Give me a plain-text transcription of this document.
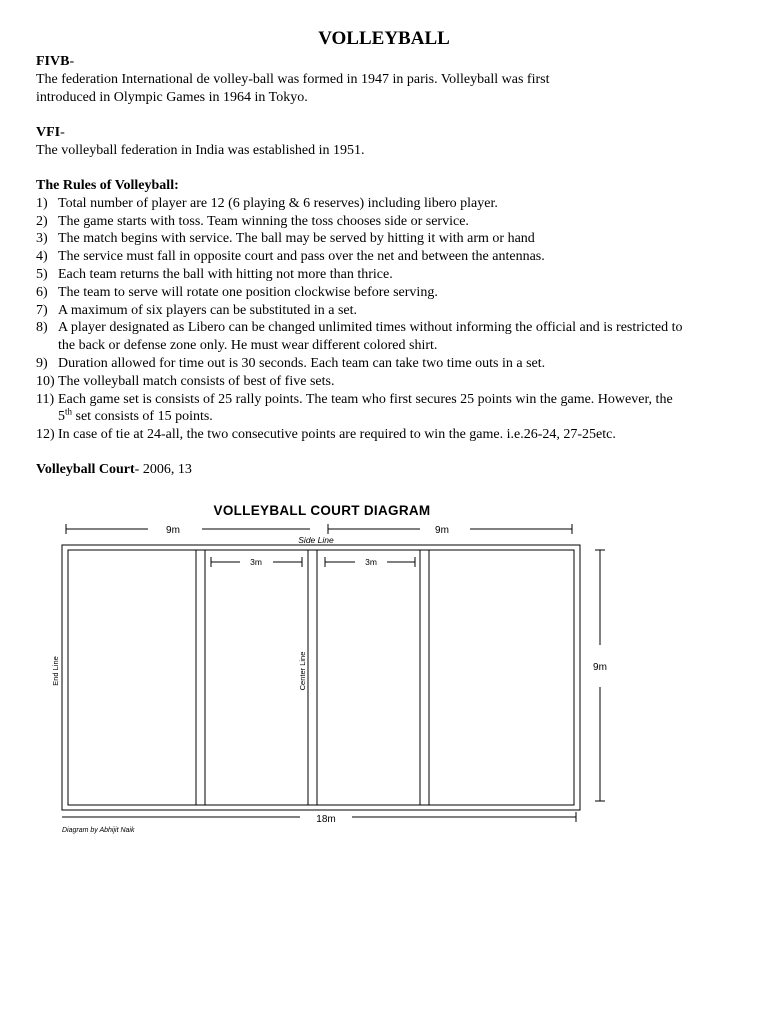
VOLLEYBALL

FIVB-

The federation International de volley-ball was formed in 1947 in paris. Volleyball was first

introduced in Olympic Games in 1964 in Tokyo.

VFI-

The volleyball federation in India was established in 1951.

The Rules of Volleyball:

1) Total number of player are 12 (6 playing & 6 reserves) including libero player.
2) The game starts with toss. Team winning the toss chooses side or service.
3) The match begins with service. The ball may be served by hitting it with arm or hand
4) The service must fall in opposite court and pass over the net and between the antennas.
5) Each team returns the ball with hitting not more than thrice.
6) The team to serve will rotate one position clockwise before serving.
7) A maximum of six players can be substituted in a set.
8) A player designated as Libero can be changed unlimited times without informing the official and is restricted to
the back or defense zone only. He must wear different colored shirt.
9) Duration allowed for time out is 30 seconds. Each team can take two time outs in a set.
10) The volleyball match consists of best of five sets.
11) Each game set is consists of 25 rally points. The team who first secures 25 points win the game. However, the
5th set consists of 15 points.
12) In case of tie at 24-all, the two consecutive points are required to win the game. i.e.26-24, 27-25etc.

Volleyball Court- 2006, 13

VOLLEYBALL COURT DIAGRAM
9m	9m
Side Line
3m	3m
End Line	Center Line	9m
18m
Diagram by Abhijit Naik
